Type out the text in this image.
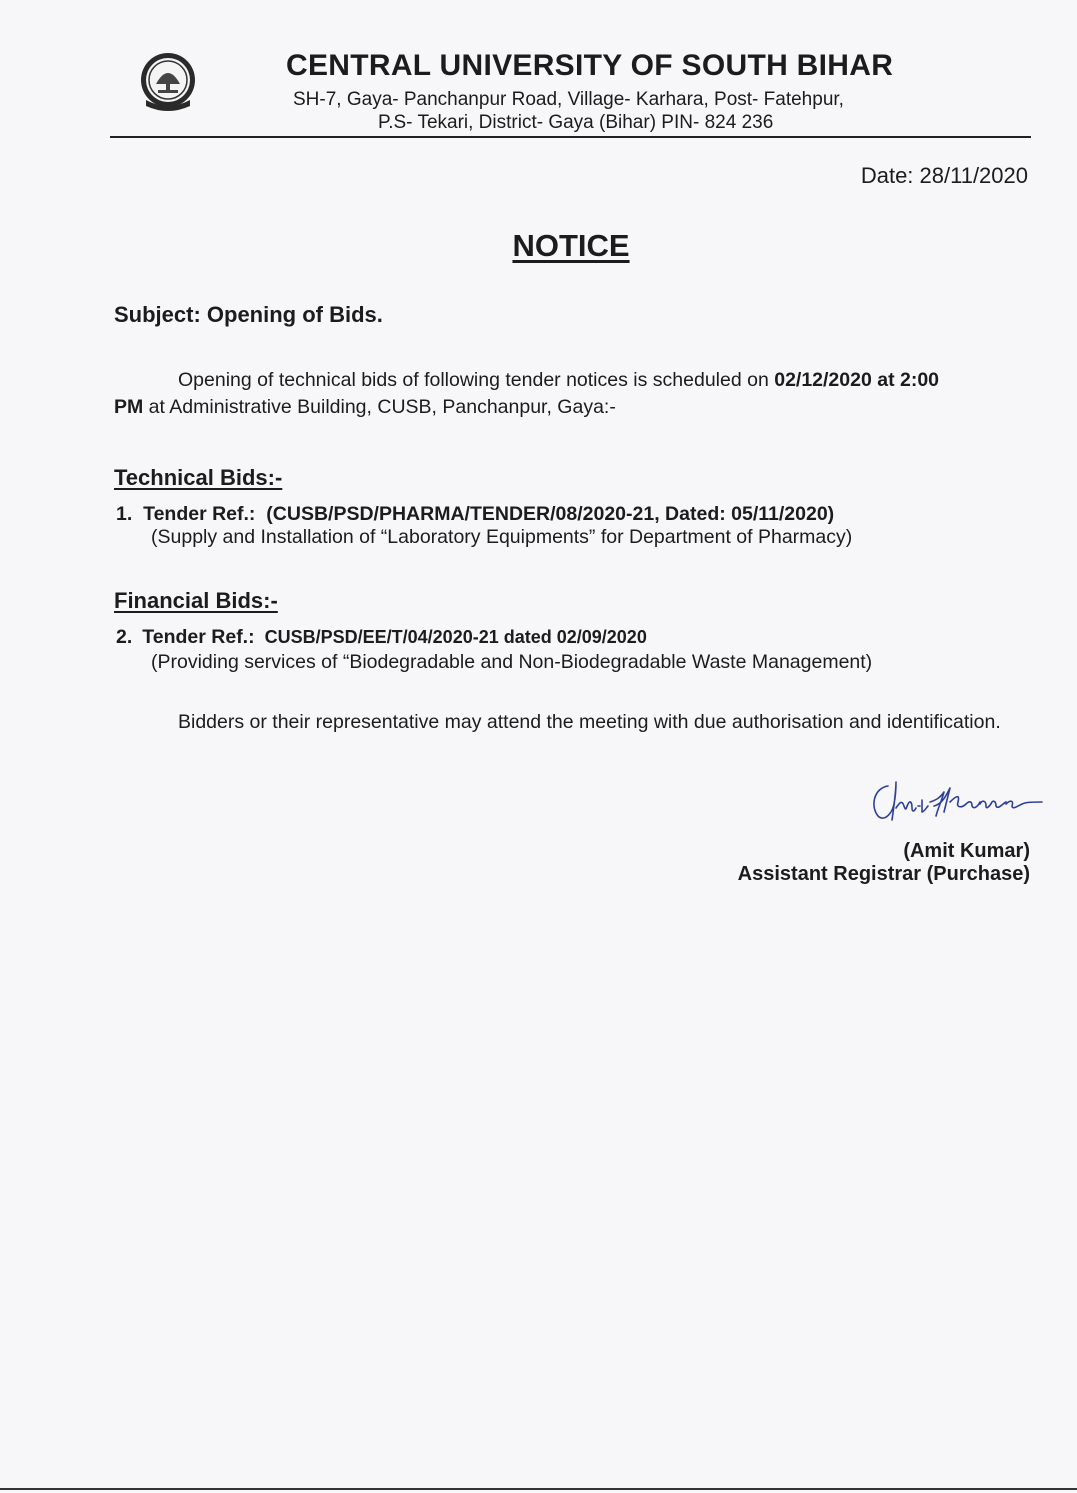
CENTRAL UNIVERSITY OF SOUTH BIHAR
SH-7, Gaya- Panchanpur Road, Village- Karhara, Post- Fatehpur,
P.S- Tekari, District- Gaya (Bihar) PIN- 824 236
Date: 28/11/2020
NOTICE
Subject: Opening of Bids.
Opening of technical bids of following tender notices is scheduled on 02/12/2020 at 2:00
PM at Administrative Building, CUSB, Panchanpur, Gaya:-
Technical Bids:-
1. Tender Ref.: (CUSB/PSD/PHARMA/TENDER/08/2020-21, Dated: 05/11/2020)
(Supply and Installation of “Laboratory Equipments” for Department of Pharmacy)
Financial Bids:-
2. Tender Ref.: CUSB/PSD/EE/T/04/2020-21 dated 02/09/2020
(Providing services of “Biodegradable and Non-Biodegradable Waste Management)
Bidders or their representative may attend the meeting with due authorisation and identification.
(Amit Kumar)
Assistant Registrar (Purchase)
